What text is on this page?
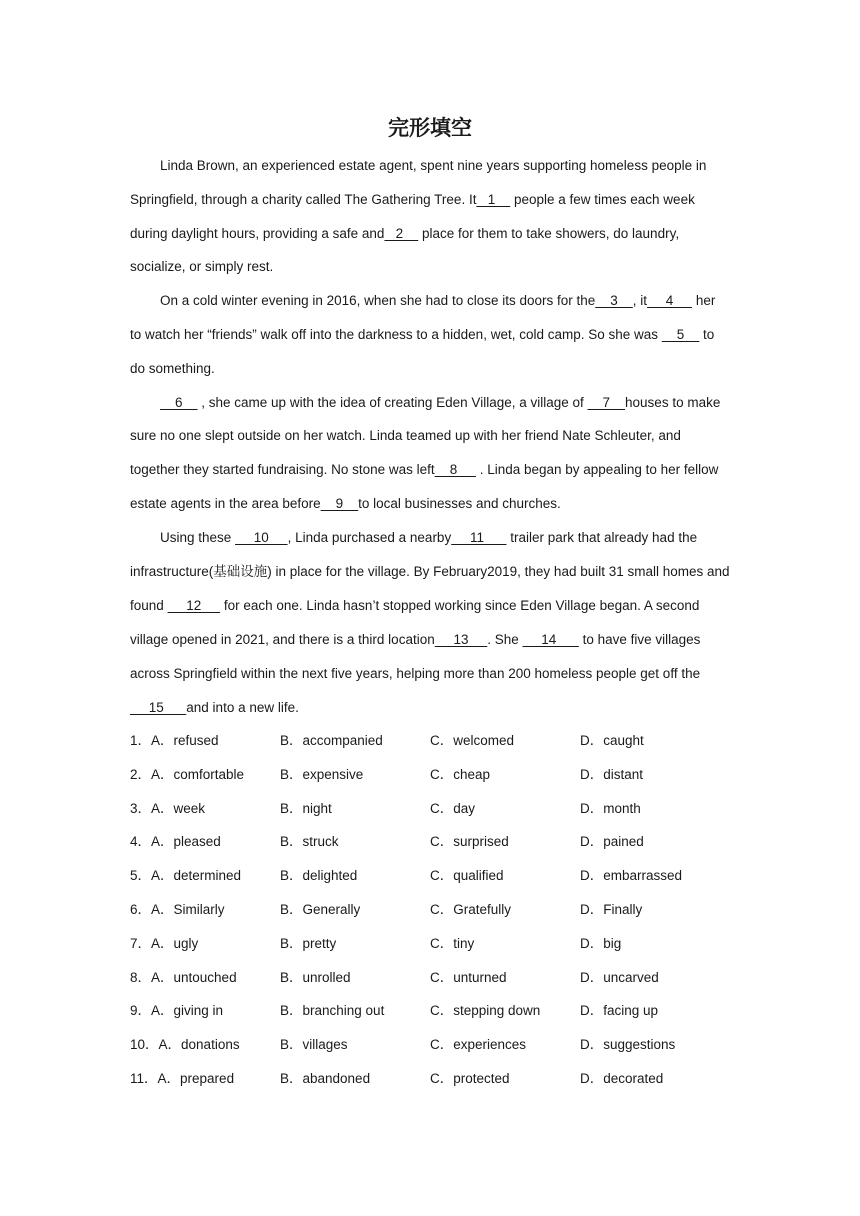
完形填空

Linda Brown, an experienced estate agent, spent nine years supporting homeless people in Springfield, through a charity called The Gathering Tree. It   1     people a few times each week during daylight hours, providing a safe and   2     place for them to take showers, do laundry, socialize, or simply rest.

On a cold winter evening in 2016, when she had to close its doors for the    3    , it     4      her to watch her “friends” walk off into the darkness to a hidden, wet, cold camp. So she was     5     to do something.

6     , she came up with the idea of creating Eden Village, a village of     7    houses to make sure no one slept outside on her watch. Linda teamed up with her friend Nate Schleuter, and together they started fundraising. No stone was left    8      . Linda began by appealing to her fellow estate agents in the area before    9    to local businesses and churches.

Using these      10     , Linda purchased a nearby     11       trailer park that already had the infrastructure(基础设施) in place for the village. By February2019, they had built 31 small homes and found      12      for each one. Linda hasn’t stopped working since Eden Village began. A second village opened in 2021, and there is a third location     13     . She      14       to have five villages across Springfield within the next five years, helping more than 200 homeless people get off the      15      and into a new life.

1．A．refused	B．accompanied	C．welcomed	D．caught
2．A．comfortable	B．expensive	C．cheap	D．distant
3．A．week	B．night	C．day	D．month
4．A．pleased	B．struck	C．surprised	D．pained
5．A．determined	B．delighted	C．qualified	D．embarrassed
6．A．Similarly	B．Generally	C．Gratefully	D．Finally
7．A．ugly	B．pretty	C．tiny	D．big
8．A．untouched	B．unrolled	C．unturned	D．uncarved
9．A．giving in	B．branching out	C．stepping down	D．facing up
10．A．donations	B．villages	C．experiences	D．suggestions
11．A．prepared	B．abandoned	C．protected	D．decorated
